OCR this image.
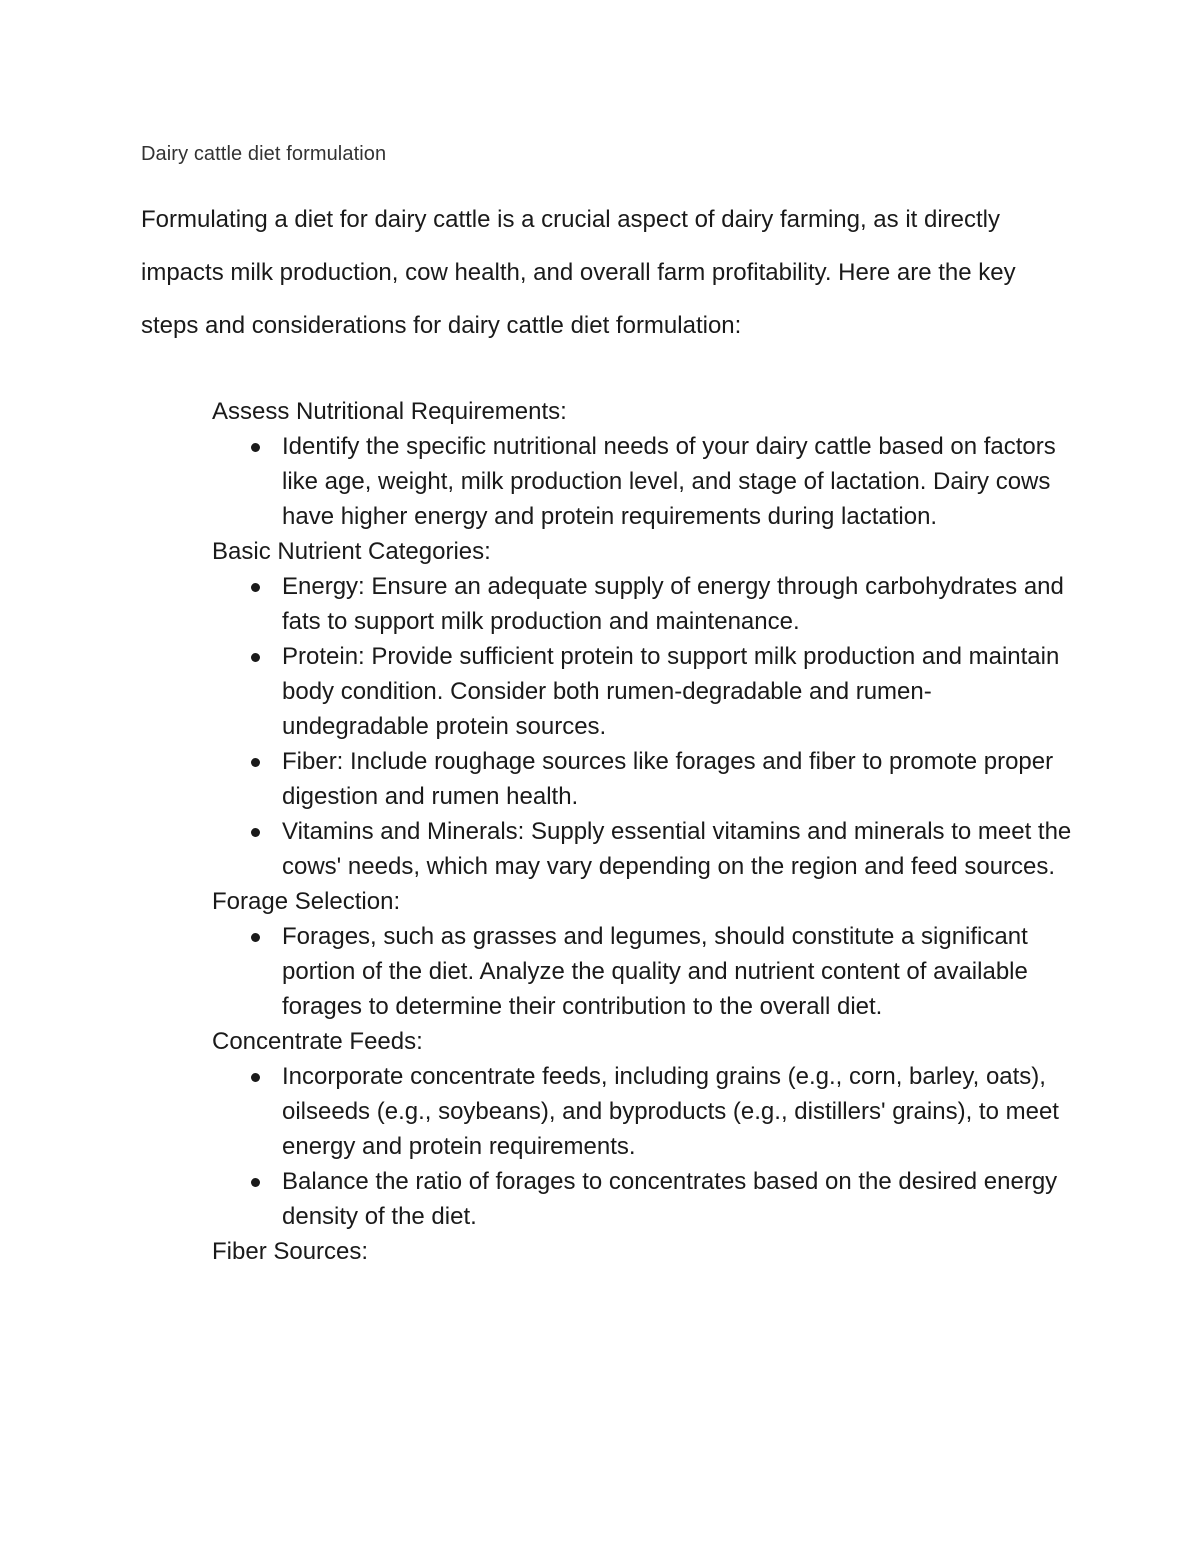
Dairy cattle diet formulation

Formulating a diet for dairy cattle is a crucial aspect of dairy farming, as it directly impacts milk production, cow health, and overall farm profitability. Here are the key steps and considerations for dairy cattle diet formulation:

Assess Nutritional Requirements:

Identify the specific nutritional needs of your dairy cattle based on factors like age, weight, milk production level, and stage of lactation. Dairy cows have higher energy and protein requirements during lactation.

Basic Nutrient Categories:

Energy: Ensure an adequate supply of energy through carbohydrates and fats to support milk production and maintenance.
Protein: Provide sufficient protein to support milk production and maintain body condition. Consider both rumen-degradable and rumen-undegradable protein sources.
Fiber: Include roughage sources like forages and fiber to promote proper digestion and rumen health.
Vitamins and Minerals: Supply essential vitamins and minerals to meet the cows' needs, which may vary depending on the region and feed sources.

Forage Selection:

Forages, such as grasses and legumes, should constitute a significant portion of the diet. Analyze the quality and nutrient content of available forages to determine their contribution to the overall diet.

Concentrate Feeds:

Incorporate concentrate feeds, including grains (e.g., corn, barley, oats), oilseeds (e.g., soybeans), and byproducts (e.g., distillers' grains), to meet energy and protein requirements.
Balance the ratio of forages to concentrates based on the desired energy density of the diet.

Fiber Sources:
